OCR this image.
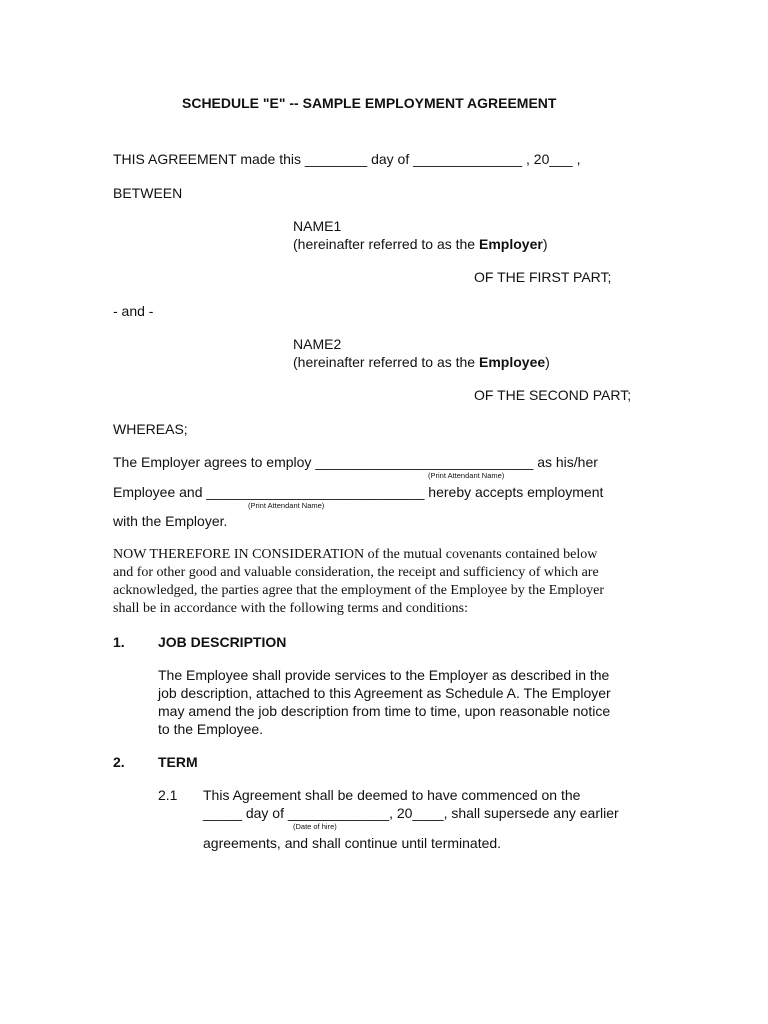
SCHEDULE "E" -- SAMPLE EMPLOYMENT AGREEMENT

THIS AGREEMENT made this ________ day of ______________ , 20___ ,

BETWEEN

NAME1

(hereinafter referred to as the Employer)

OF THE FIRST PART;

- and -

NAME2

(hereinafter referred to as the Employee)

OF THE SECOND PART;

WHEREAS;

The Employer agrees to employ ____________________________ as his/her

(Print Attendant Name)

Employee and ____________________________ hereby accepts employment

(Print Attendant Name)

with the Employer.

NOW THEREFORE IN CONSIDERATION of the mutual covenants contained below

and for other good and valuable consideration, the receipt and sufficiency of which are

acknowledged, the parties agree that the employment of the Employee by the Employer

shall be in accordance with the following terms and conditions:

1. JOB DESCRIPTION

The Employee shall provide services to the Employer as described in the

job description, attached to this Agreement as Schedule A. The Employer

may amend the job description from time to time, upon reasonable notice

to the Employee.

2. TERM

2.1 This Agreement shall be deemed to have commenced on the

_____ day of _____________, 20____, shall supersede any earlier

(Date of hire)

agreements, and shall continue until terminated.
